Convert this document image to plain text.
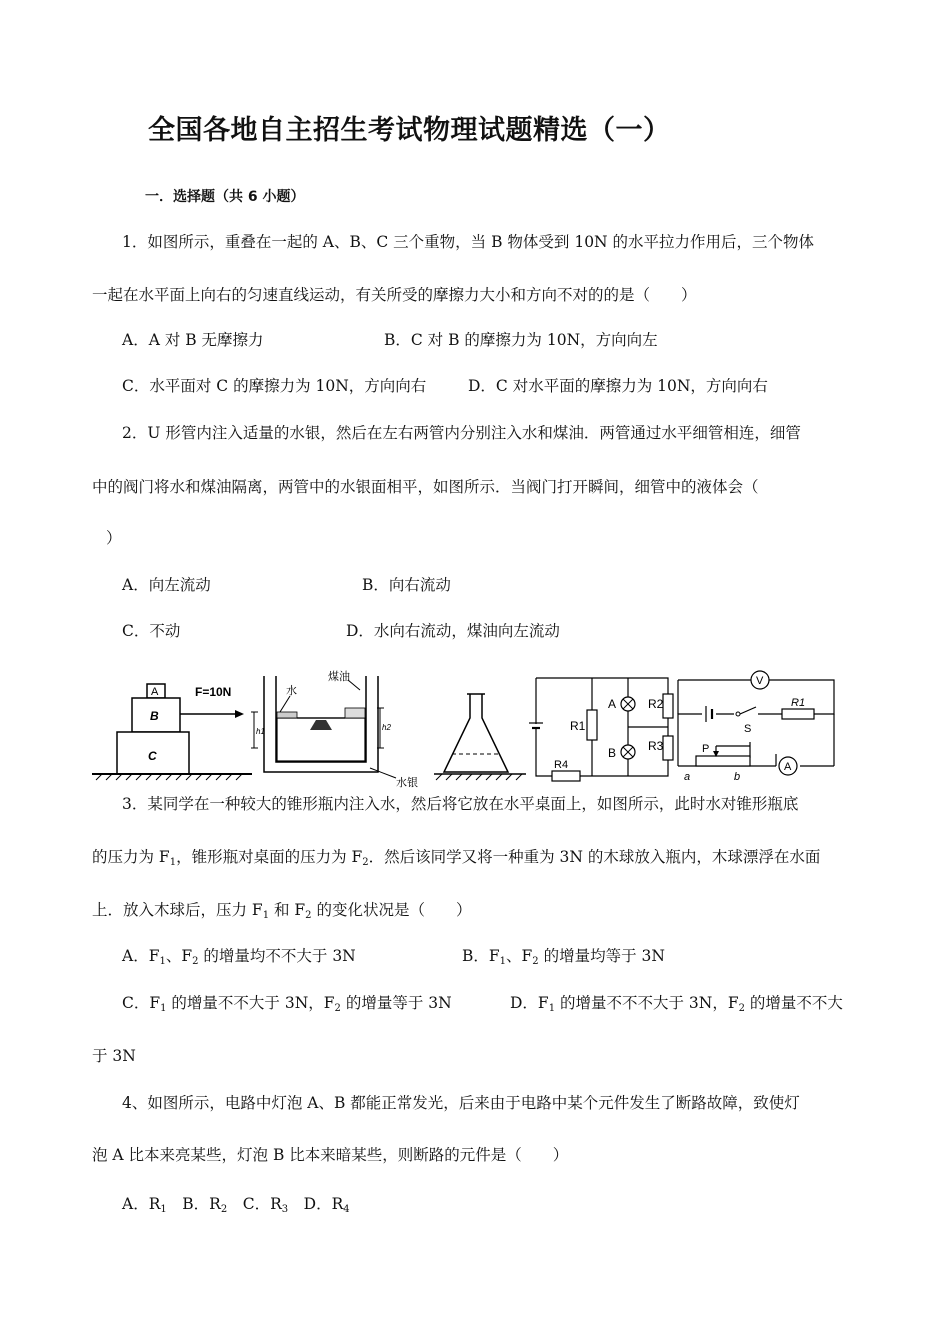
全国各地自主招生考试物理试题精选（一）
一．选择题（共 6 小题）
1．如图所示，重叠在一起的 A、B、C 三个重物，当 B 物体受到 10N 的水平拉力作用后，三个物体
一起在水平面上向右的匀速直线运动，有关所受的摩擦力大小和方向不对的的是（　　）
A．A 对 B 无摩擦力	B．C 对 B 的摩擦力为 10N，方向向左
C．水平面对 C 的摩擦力为 10N，方向向右	D．C 对水平面的摩擦力为 10N，方向向右
2．U 形管内注入适量的水银，然后在左右两管内分别注入水和煤油．两管通过水平细管相连，细管
中的阀门将水和煤油隔离，两管中的水银面相平，如图所示．当阀门打开瞬间，细管中的液体会（
）
A．向左流动	B．向右流动
C．不动	D．水向右流动，煤油向左流动
A
B
C
F=10N	水
煤油
水银
h1	h2	R1
R4
R2
R3
A
B
V
R1
S
P
a	b
A
3．某同学在一种较大的锥形瓶内注入水，然后将它放在水平桌面上，如图所示，此时水对锥形瓶底
的压力为 $F_1$，锥形瓶对桌面的压力为 $F_2$．然后该同学又将一种重为 3N 的木球放入瓶内，木球漂浮在水面
上．放入木球后，压力 $F_1$ 和 $F_2$ 的变化状况是（　　）
A．$F_1$、$F_2$ 的增量均不不大于 3N	B．$F_1$、$F_2$ 的增量均等于 3N
C．$F_1$ 的增量不不大于 3N，$F_2$ 的增量等于 3N	D．$F_1$ 的增量不不不大于 3N，$F_2$ 的增量不不大
于 3N
4、如图所示，电路中灯泡 A、B 都能正常发光，后来由于电路中某个元件发生了断路故障，致使灯
泡 A 比本来亮某些，灯泡 B 比本来暗某些，则断路的元件是（　　）
A．$R_1$　 B．$R_2$　 C．$R_3$　 D．$R_4$
